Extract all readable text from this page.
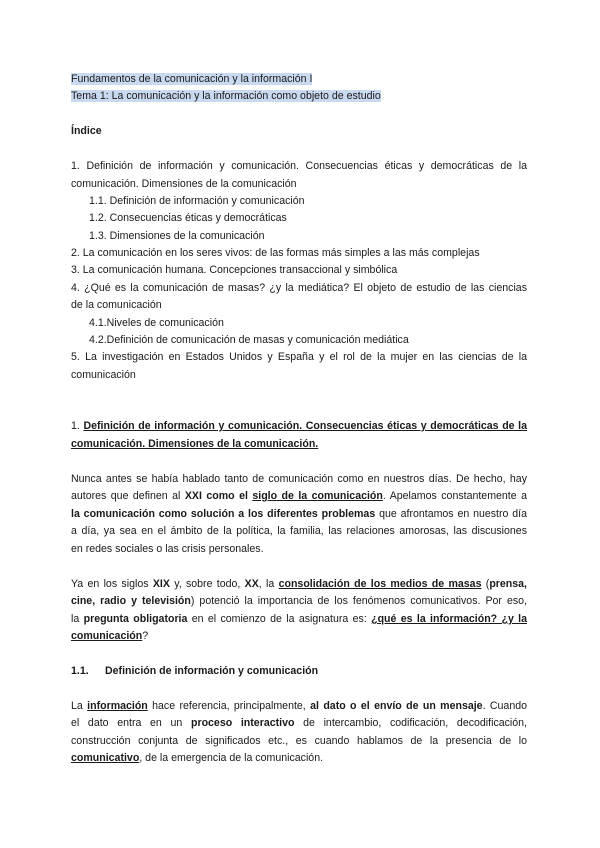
Fundamentos de la comunicación y la información I
Tema 1: La comunicación y la información como objeto de estudio
Índice
1. Definición de información y comunicación. Consecuencias éticas y democráticas de la
comunicación. Dimensiones de la comunicación
1.1. Definición de información y comunicación
1.2. Consecuencias éticas y democráticas
1.3. Dimensiones de la comunicación
2. La comunicación en los seres vivos: de las formas más simples a las más complejas
3. La comunicación humana. Concepciones transaccional y simbólica
4. ¿Qué es la comunicación de masas? ¿y la mediática? El objeto de estudio de las ciencias
de la comunicación
4.1.Niveles de comunicación
4.2.Definición de comunicación de masas y comunicación mediática
5. La investigación en Estados Unidos y España y el rol de la mujer en las ciencias de la
comunicación
1. Definición de información y comunicación. Consecuencias éticas y democráticas de la
comunicación. Dimensiones de la comunicación.
Nunca antes se había hablado tanto de comunicación como en nuestros días. De hecho, hay
autores que definen al XXI como el siglo de la comunicación. Apelamos constantemente a
la comunicación como solución a los diferentes problemas que afrontamos en nuestro día
a día, ya sea en el ámbito de la política, la familia, las relaciones amorosas, las discusiones
en redes sociales o las crisis personales.
Ya en los siglos XIX y, sobre todo, XX, la consolidación de los medios de masas (prensa,
cine, radio y televisión) potenció la importancia de los fenómenos comunicativos. Por eso,
la pregunta obligatoria en el comienzo de la asignatura es: ¿qué es la información? ¿y la
comunicación?
1.1. Definición de información y comunicación
La información hace referencia, principalmente, al dato o el envío de un mensaje. Cuando
el dato entra en un proceso interactivo de intercambio, codificación, decodificación,
construcción conjunta de significados etc., es cuando hablamos de la presencia de lo
comunicativo, de la emergencia de la comunicación.
